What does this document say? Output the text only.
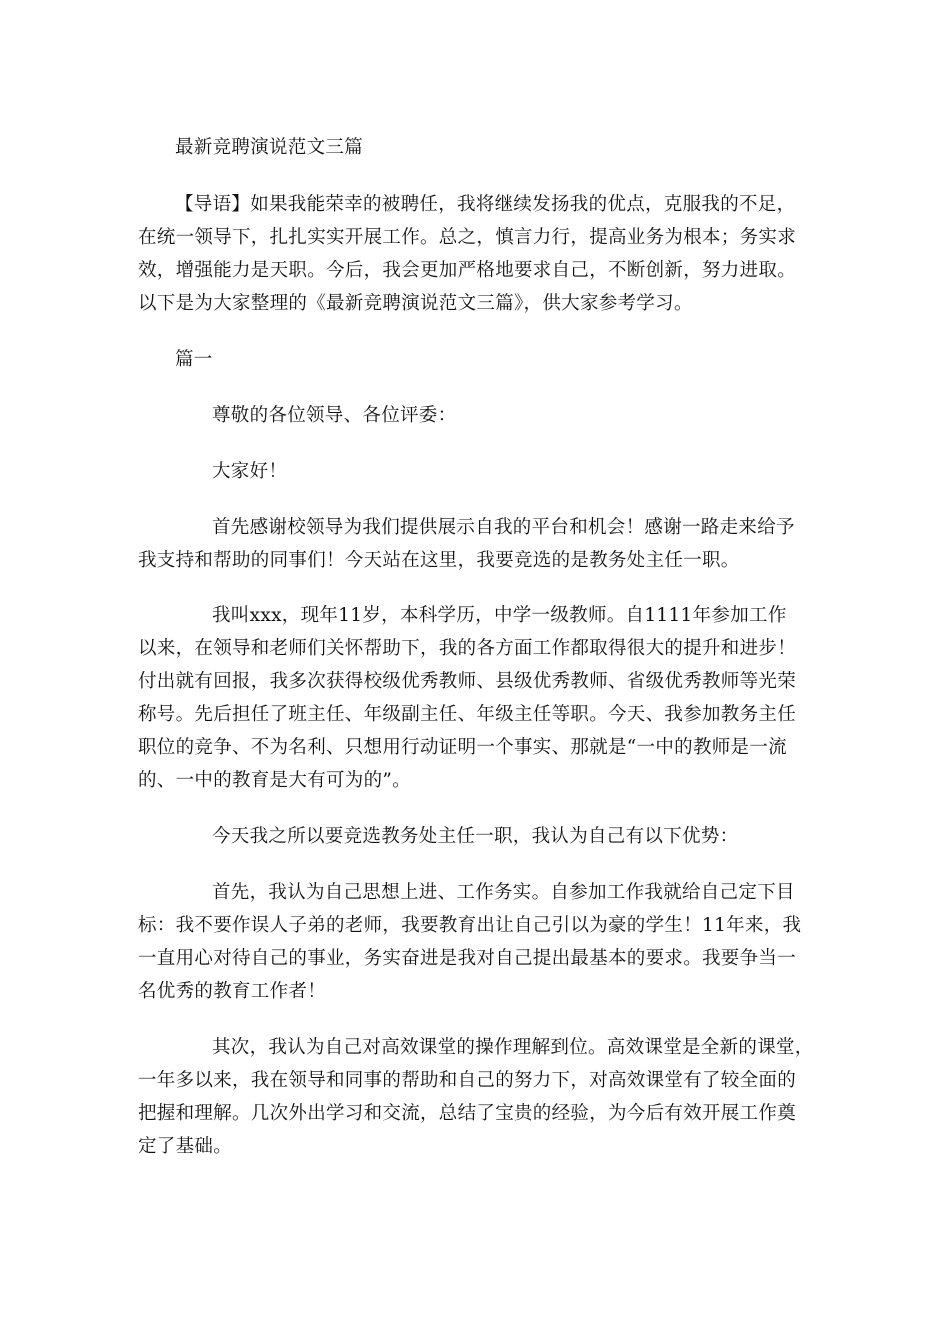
最新竞聘演说范文三篇
【导语】如果我能荣幸的被聘任，我将继续发扬我的优点，克服我的不足，
在统一领导下，扎扎实实开展工作。总之，慎言力行，提高业务为根本；务实求
效，增强能力是天职。今后，我会更加严格地要求自己，不断创新，努力进取。
以下是为大家整理的《最新竞聘演说范文三篇》，供大家参考学习。
篇一
尊敬的各位领导、各位评委：
大家好！
首先感谢校领导为我们提供展示自我的平台和机会！感谢一路走来给予
我支持和帮助的同事们！今天站在这里，我要竞选的是教务处主任一职。
我叫xxx，现年11岁，本科学历，中学一级教师。自1111年参加工作
以来，在领导和老师们关怀帮助下，我的各方面工作都取得很大的提升和进步！
付出就有回报，我多次获得校级优秀教师、县级优秀教师、省级优秀教师等光荣
称号。先后担任了班主任、年级副主任、年级主任等职。今天、我参加教务主任
职位的竞争、不为名利、只想用行动证明一个事实、那就是“一中的教师是一流
的、一中的教育是大有可为的”。
今天我之所以要竞选教务处主任一职，我认为自己有以下优势：
首先，我认为自己思想上进、工作务实。自参加工作我就给自己定下目
标：我不要作误人子弟的老师，我要教育出让自己引以为豪的学生！11年来，我
一直用心对待自己的事业，务实奋进是我对自己提出最基本的要求。我要争当一
名优秀的教育工作者！
其次，我认为自己对高效课堂的操作理解到位。高效课堂是全新的课堂，
一年多以来，我在领导和同事的帮助和自己的努力下，对高效课堂有了较全面的
把握和理解。几次外出学习和交流，总结了宝贵的经验，为今后有效开展工作奠
定了基础。
